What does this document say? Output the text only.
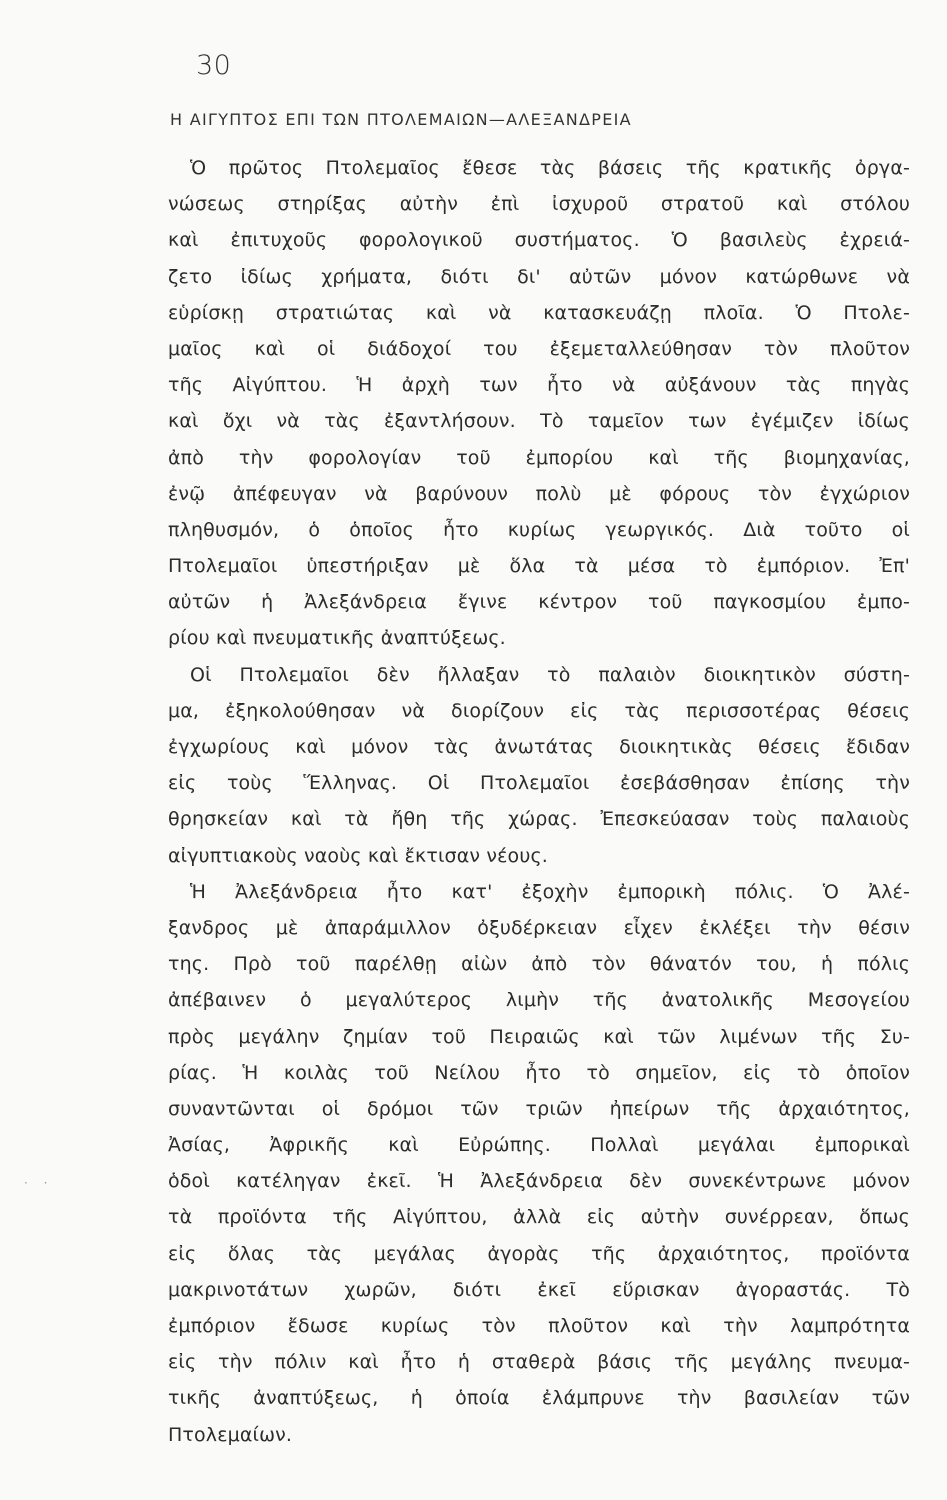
30
Η ΑΙΓΥΠΤΟΣ ΕΠΙ ΤΩΝ ΠΤΟΛΕΜΑΙΩΝ—ΑΛΕΞΑΝΔΡΕΙΑ
· ·
Ὁ πρῶτος Πτολεμαῖος ἔθεσε τὰς βάσεις τῆς κρατικῆς ὀργα-
νώσεως στηρίξας αὐτὴν ἐπὶ ἰσχυροῦ στρατοῦ καὶ στόλου
καὶ ἐπιτυχοῦς φορολογικοῦ συστήματος. Ὁ βασιλεὺς ἐχρειά-
ζετο ἰδίως χρήματα, διότι δι' αὐτῶν μόνον κατώρθωνε νὰ
εὑρίσκῃ στρατιώτας καὶ νὰ κατασκευάζῃ πλοῖα. Ὁ Πτολε-
μαῖος καὶ οἱ διάδοχοί του ἐξεμεταλλεύθησαν τὸν πλοῦτον
τῆς Αἰγύπτου. Ἡ ἀρχὴ των ἦτο νὰ αὐξάνουν τὰς πηγὰς
καὶ ὄχι νὰ τὰς ἐξαντλήσουν. Τὸ ταμεῖον των ἐγέμιζεν ἰδίως
ἀπὸ τὴν φορολογίαν τοῦ ἐμπορίου καὶ τῆς βιομηχανίας,
ἐνῷ ἀπέφευγαν νὰ βαρύνουν πολὺ μὲ φόρους τὸν ἐγχώριον
πληθυσμόν, ὁ ὁποῖος ἦτο κυρίως γεωργικός. Διὰ τοῦτο οἱ
Πτολεμαῖοι ὑπεστήριξαν μὲ ὅλα τὰ μέσα τὸ ἐμπόριον. Ἐπ'
αὐτῶν ἡ Ἀλεξάνδρεια ἔγινε κέντρον τοῦ παγκοσμίου ἐμπο-
ρίου καὶ πνευματικῆς ἀναπτύξεως.
Οἱ Πτολεμαῖοι δὲν ἤλλαξαν τὸ παλαιὸν διοικητικὸν σύστη-
μα, ἐξηκολούθησαν νὰ διορίζουν εἰς τὰς περισσοτέρας θέσεις
ἐγχωρίους καὶ μόνον τὰς ἀνωτάτας διοικητικὰς θέσεις ἔδιδαν
εἰς τοὺς Ἕλληνας. Οἱ Πτολεμαῖοι ἐσεβάσθησαν ἐπίσης τὴν
θρησκείαν καὶ τὰ ἤθη τῆς χώρας. Ἐπεσκεύασαν τοὺς παλαιοὺς
αἰγυπτιακοὺς ναοὺς καὶ ἔκτισαν νέους.
Ἡ Ἀλεξάνδρεια ἦτο κατ' ἐξοχὴν ἐμπορικὴ πόλις. Ὁ Ἀλέ-
ξανδρος μὲ ἀπαράμιλλον ὀξυδέρκειαν εἶχεν ἐκλέξει τὴν θέσιν
της. Πρὸ τοῦ παρέλθῃ αἰὼν ἀπὸ τὸν θάνατόν του, ἡ πόλις
ἀπέβαινεν ὁ μεγαλύτερος λιμὴν τῆς ἀνατολικῆς Μεσογείου
πρὸς μεγάλην ζημίαν τοῦ Πειραιῶς καὶ τῶν λιμένων τῆς Συ-
ρίας. Ἡ κοιλὰς τοῦ Νείλου ἦτο τὸ σημεῖον, εἰς τὸ ὁποῖον
συναντῶνται οἱ δρόμοι τῶν τριῶν ἠπείρων τῆς ἀρχαιότητος,
Ἀσίας, Ἀφρικῆς καὶ Εὐρώπης. Πολλαὶ μεγάλαι ἐμπορικαὶ
ὁδοὶ κατέληγαν ἐκεῖ. Ἡ Ἀλεξάνδρεια δὲν συνεκέντρωνε μόνον
τὰ προϊόντα τῆς Αἰγύπτου, ἀλλὰ εἰς αὐτὴν συνέρρεαν, ὅπως
εἰς ὅλας τὰς μεγάλας ἀγορὰς τῆς ἀρχαιότητος, προϊόντα
μακρινοτάτων χωρῶν, διότι ἐκεῖ εὕρισκαν ἀγοραστάς. Τὸ
ἐμπόριον ἔδωσε κυρίως τὸν πλοῦτον καὶ τὴν λαμπρότητα
εἰς τὴν πόλιν καὶ ἦτο ἡ σταθερὰ βάσις τῆς μεγάλης πνευμα-
τικῆς ἀναπτύξεως, ἡ ὁποία ἐλάμπρυνε τὴν βασιλείαν τῶν
Πτολεμαίων.
